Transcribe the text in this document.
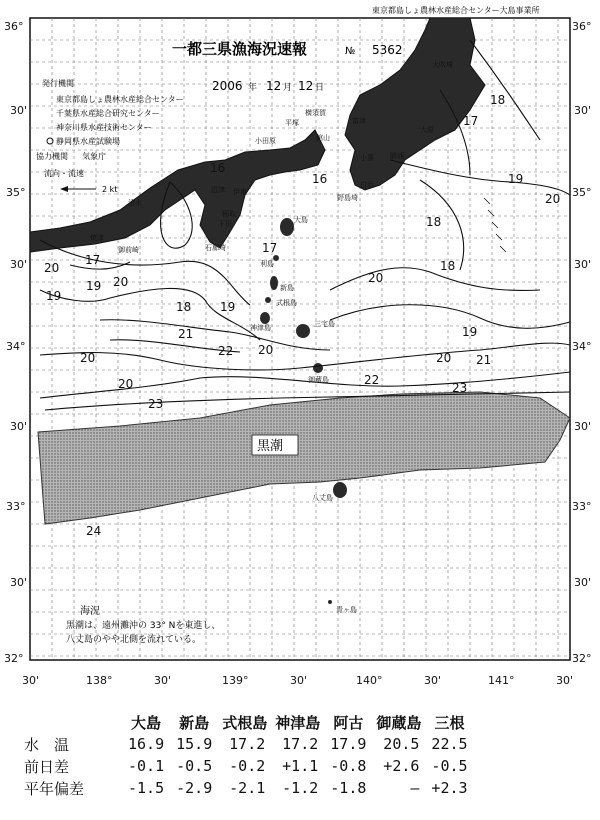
黒潮
18
17
19
20
18
20
18
19
20 21
22
23
20
17
19
19 20
18 19
21
22 20
20
20
23
24
16
16
17
大吹埼
小田原
平塚
横須賀
館山
富津
白浜
大原
小湊 勝浦
野島埼
伊東
下田
稲取
石廊埼
沼津
清水
焼津
御前崎
大島
利島
新島
式根島
神津島	三宅島
御蔵島
八丈島
青ヶ島
東京都島しょ農林水産総合センター大島事業所
一都三県漁海況速報	№ 5362
2006 年 12 月 12 日
発行機関
東京都島しょ農林水産総合センター
千葉県水産総合研究センター
神奈川県水産技術センター
静岡県水産試験場
協力機関 気象庁
流向・流速
2 kt
海況
黒潮は、遠州灘沖の 33° Nを東進し、
八丈島のやや北側を流れている。
36°	36°
30'	30'
35°	35°
30'	30'
34°	34°
30'	30'
33°	33°
30'	30'
32°	32°
30'	138°	30'	139°	30'	140°	30'	141°	30'
	大島	新島	式根島	神津島	阿古	御蔵島	三根
水　温	16.9	15.9	17.2	17.2	17.9	20.5	22.5
前日差	-0.1	-0.5	-0.2	+1.1	-0.8	+2.6	-0.5
平年偏差	-1.5	-2.9	-2.1	-1.2	-1.8	―	+2.3
